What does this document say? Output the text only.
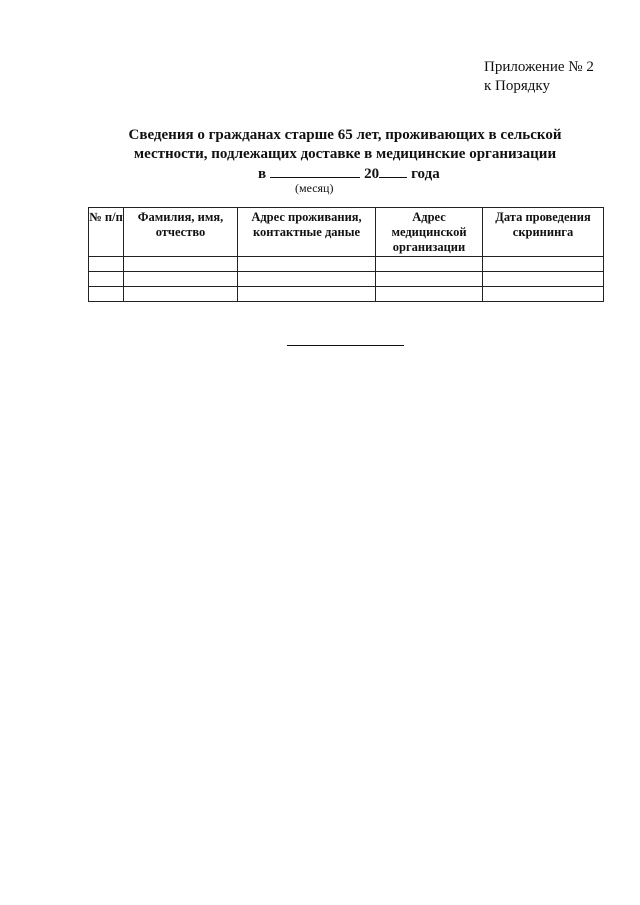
Приложение № 2
к Порядку
Сведения о гражданах старше 65 лет, проживающих в сельской
местности, подлежащих доставке в медицинские организации
в	20 года
(месяц)
№ п/п	Фамилия, имя, отчество	Адрес проживания, контактные даные	Адрес медицинской организации	Дата проведения скрининга
